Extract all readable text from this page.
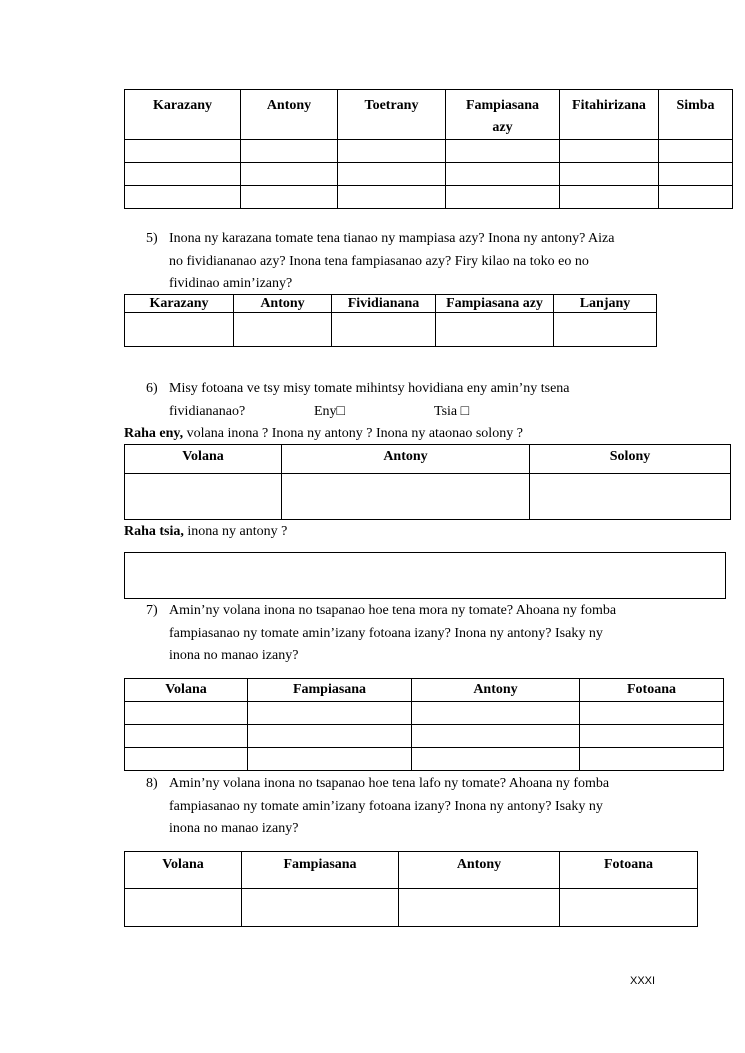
Karazany	Antony	Toetrany	Fampiasana azy	Fitahirizana	Simba

5) Inona ny karazana tomate tena tianao ny mampiasa azy? Inona ny antony? Aiza
no fividiananao azy? Inona tena fampiasanao azy? Firy kilao na toko eo no
fividinao amin’izany?
Karazany	Antony	Fividianana	Fampiasana azy	Lanjany

6) Misy fotoana ve tsy misy tomate mihintsy hovidiana eny amin’ny tsena
fividiananao?	Eny□	Tsia □
Raha eny, volana inona ? Inona ny antony ? Inona ny ataonao solony ?
Volana	Antony	Solony

Raha tsia, inona ny antony ?
7) Amin’ny volana inona no tsapanao hoe tena mora ny tomate? Ahoana ny fomba
fampiasanao ny tomate amin’izany fotoana izany? Inona ny antony? Isaky ny
inona no manao izany?
Volana	Fampiasana	Antony	Fotoana

8) Amin’ny volana inona no tsapanao hoe tena lafo ny tomate? Ahoana ny fomba
fampiasanao ny tomate amin’izany fotoana izany? Inona ny antony? Isaky ny
inona no manao izany?
Volana	Fampiasana	Antony	Fotoana

XXXI
